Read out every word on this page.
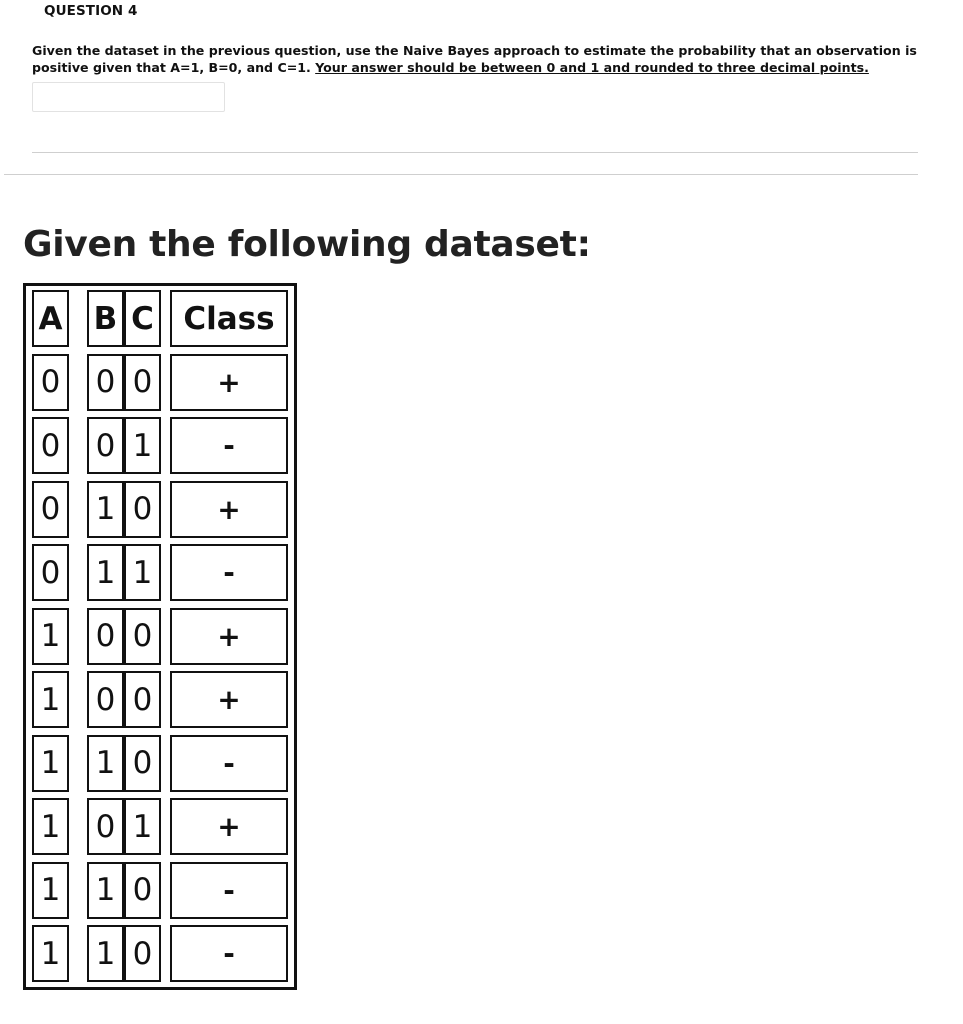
QUESTION 4
Given the dataset in the previous question, use the Naive Bayes approach to estimate the probability that an observation is positive given that A=1, B=0, and C=1. Your answer should be between 0 and 1 and rounded to three decimal points.
Given the following dataset:
A B C Class
0 0 0	+
0 0 1	-
0 1 0	+
0 1 1	-
1 0 0	+
1 0 0	+
1 1 0	-
1 0 1	+
1 1 0	-
1 1 0	-
